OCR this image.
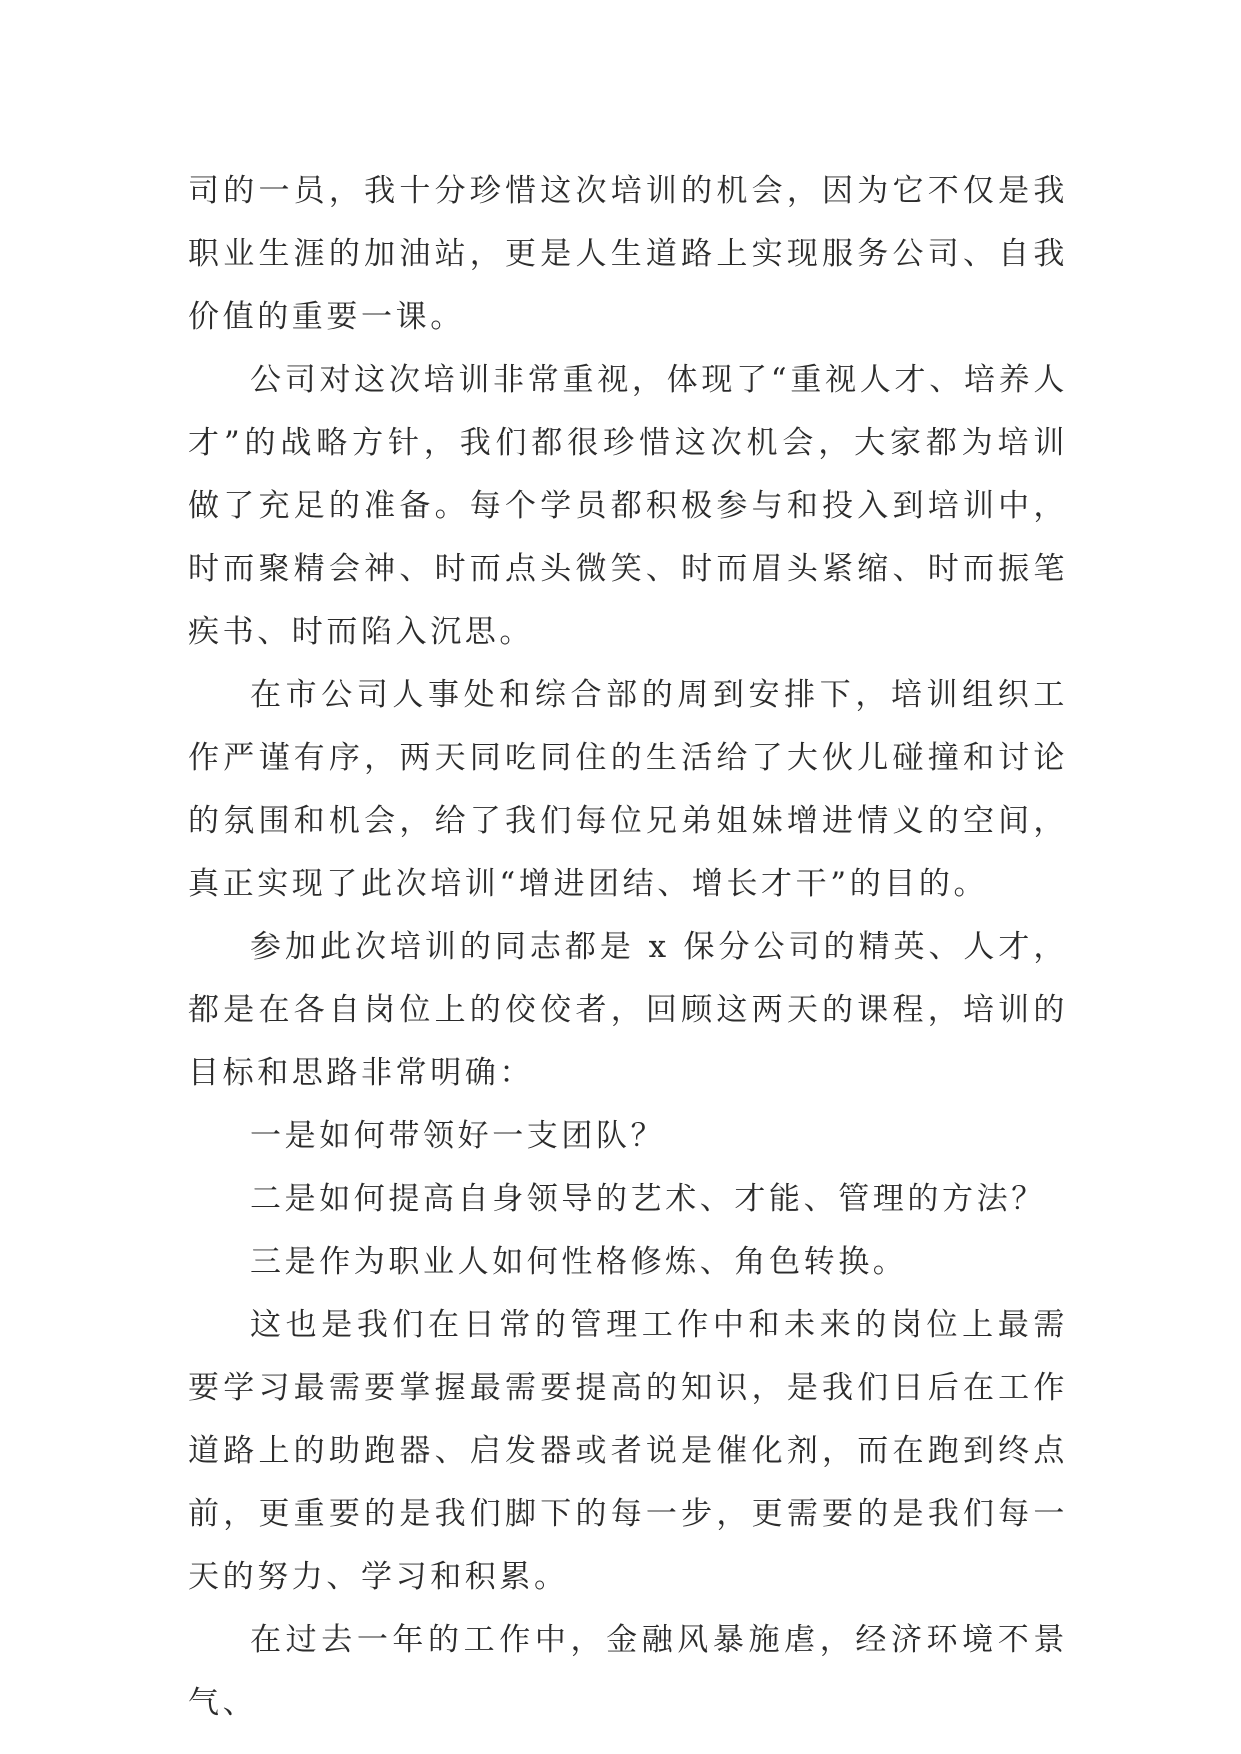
司的一员，我十分珍惜这次培训的机会，因为它不仅是我职业生涯的加油站，更是人生道路上实现服务公司、自我价值的重要一课。

公司对这次培训非常重视，体现了“重视人才、培养人才”的战略方针，我们都很珍惜这次机会，大家都为培训做了充足的准备。每个学员都积极参与和投入到培训中，时而聚精会神、时而点头微笑、时而眉头紧缩、时而振笔疾书、时而陷入沉思。

在市公司人事处和综合部的周到安排下，培训组织工作严谨有序，两天同吃同住的生活给了大伙儿碰撞和讨论的氛围和机会，给了我们每位兄弟姐妹增进情义的空间，真正实现了此次培训“增进团结、增长才干”的目的。

参加此次培训的同志都是 x 保分公司的精英、人才，都是在各自岗位上的佼佼者，回顾这两天的课程，培训的目标和思路非常明确：

一是如何带领好一支团队？

二是如何提高自身领导的艺术、才能、管理的方法？

三是作为职业人如何性格修炼、角色转换。

这也是我们在日常的管理工作中和未来的岗位上最需要学习最需要掌握最需要提高的知识，是我们日后在工作道路上的助跑器、启发器或者说是催化剂，而在跑到终点前，更重要的是我们脚下的每一步，更需要的是我们每一天的努力、学习和积累。

在过去一年的工作中，金融风暴施虐，经济环境不景气、
